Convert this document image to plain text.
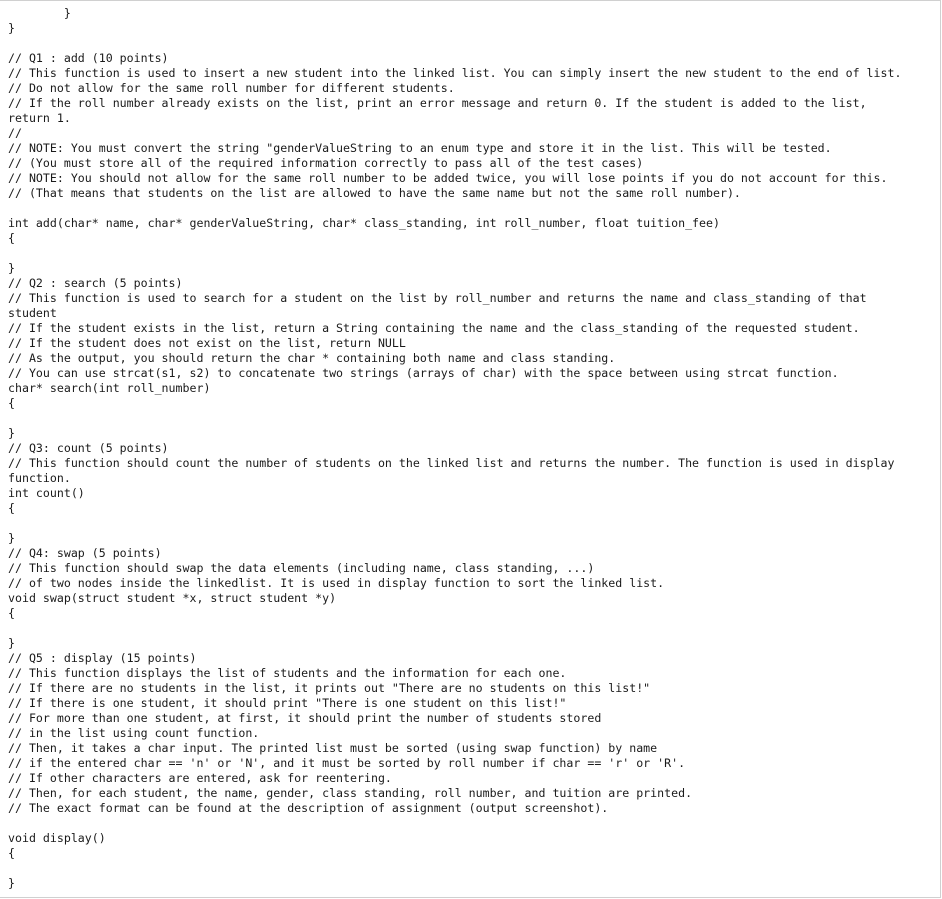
}
}
// Q1 : add (10 points)
// This function is used to insert a new student into the linked list. You can simply insert the new student to the end of list.
// Do not allow for the same roll number for different students.
// If the roll number already exists on the list, print an error message and return 0. If the student is added to the list,
return 1.
//
// NOTE: You must convert the string "genderValueString to an enum type and store it in the list. This will be tested.
// (You must store all of the required information correctly to pass all of the test cases)
// NOTE: You should not allow for the same roll number to be added twice, you will lose points if you do not account for this.
// (That means that students on the list are allowed to have the same name but not the same roll number).
int add(char* name, char* genderValueString, char* class_standing, int roll_number, float tuition_fee)
{
}
// Q2 : search (5 points)
// This function is used to search for a student on the list by roll_number and returns the name and class_standing of that
student
// If the student exists in the list, return a String containing the name and the class_standing of the requested student.
// If the student does not exist on the list, return NULL
// As the output, you should return the char * containing both name and class standing.
// You can use strcat(s1, s2) to concatenate two strings (arrays of char) with the space between using strcat function.
char* search(int roll_number)
{
}
// Q3: count (5 points)
// This function should count the number of students on the linked list and returns the number. The function is used in display
function.
int count()
{
}
// Q4: swap (5 points)
// This function should swap the data elements (including name, class standing, ...)
// of two nodes inside the linkedlist. It is used in display function to sort the linked list.
void swap(struct student *x, struct student *y)
{
}
// Q5 : display (15 points)
// This function displays the list of students and the information for each one.
// If there are no students in the list, it prints out "There are no students on this list!"
// If there is one student, it should print "There is one student on this list!"
// For more than one student, at first, it should print the number of students stored
// in the list using count function.
// Then, it takes a char input. The printed list must be sorted (using swap function) by name
// if the entered char == 'n' or 'N', and it must be sorted by roll number if char == 'r' or 'R'.
// If other characters are entered, ask for reentering.
// Then, for each student, the name, gender, class standing, roll number, and tuition are printed.
// The exact format can be found at the description of assignment (output screenshot).
void display()
{
}
